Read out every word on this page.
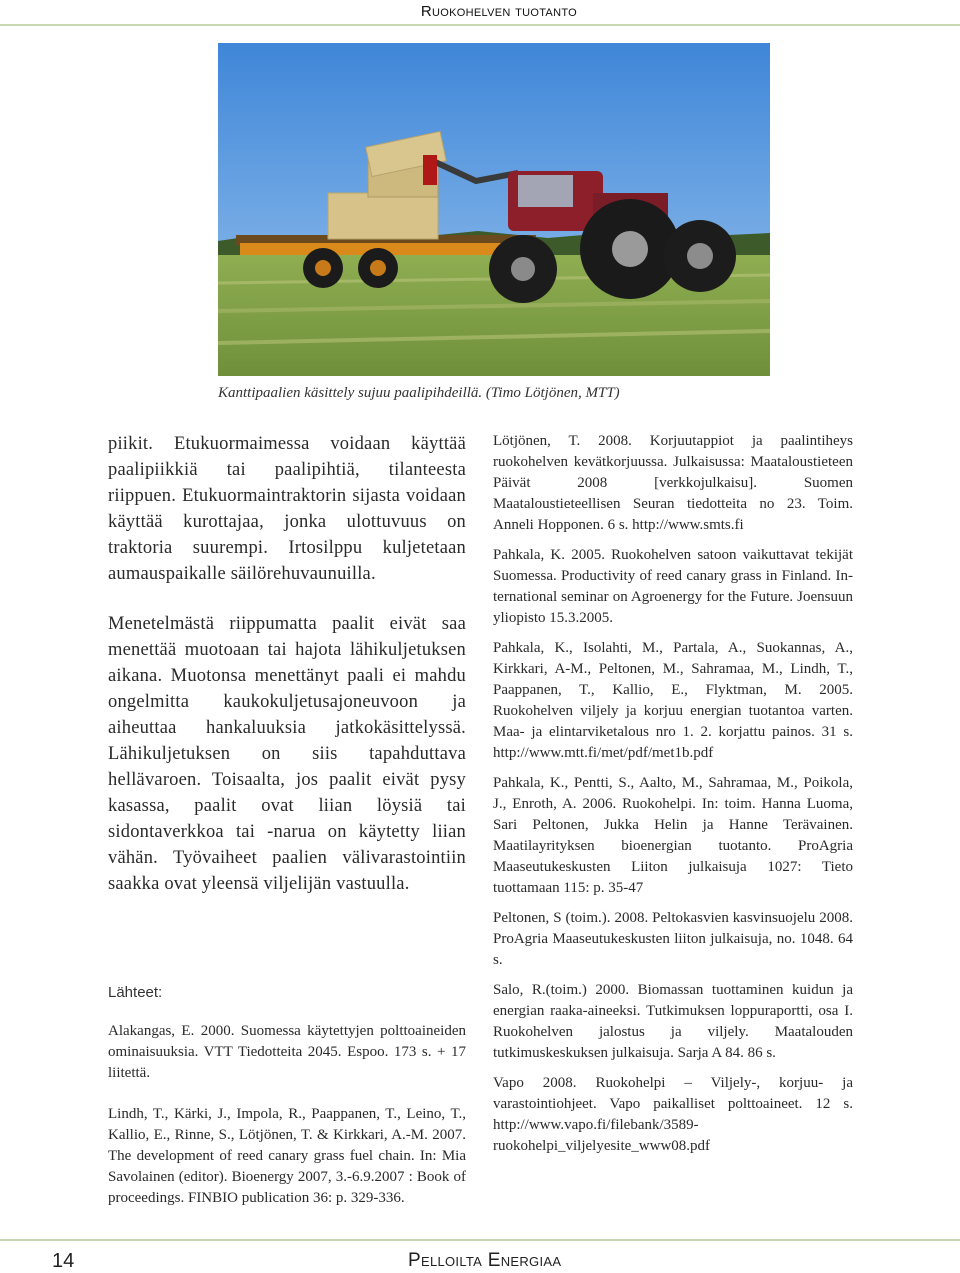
Ruokohelven tuotanto
Kanttipaalien käsittely sujuu paalipihdeillä. (Timo Lötjönen, MTT)

piikit. Etukuormaimessa voidaan käyttää paalipiikkiä tai paalipihtiä, tilanteesta riippuen. Etukuormaintraktorin sijasta voidaan käyttää kurottajaa, jonka ulottuvuus on traktoria suurempi. Irtosilppu kuljetetaan aumauspaikalle säilörehuvaunuilla.

Menetelmästä riippumatta paalit eivät saa menettää muotoaan tai hajota lähikuljetuksen aikana. Muotonsa menettänyt paali ei mahdu ongelmitta kaukokuljetusajoneuvoon ja aiheuttaa hankaluuksia jatkokäsittelyssä. Lähikuljetuksen on siis tapahduttava hellävaroen. Toisaalta, jos paalit eivät pysy kasassa, paalit ovat liian löysiä tai sidontaverkkoa tai -narua on käytetty liian vähän. Työvaiheet paalien välivarastointiin saakka ovat yleensä viljelijän vastuulla.

Lähteet:

Alakangas, E. 2000. Suomessa käytettyjen polttoaineiden ominaisuuksia. VTT Tiedotteita 2045. Espoo. 173 s. + 17 liitettä.

Lindh, T., Kärki, J., Impola, R., Paappanen, T., Leino, T., Kallio, E., Rinne, S., Lötjönen, T. & Kirkkari, A.-M. 2007. The development of reed canary grass fuel chain. In: Mia Savolainen (editor). Bioenergy 2007, 3.-6.9.2007 : Book of proceedings. FINBIO publication 36: p. 329-336.

Lötjönen, T. 2008. Korjuutappiot ja paalintiheys ruokohelven kevätkorjuussa. Julkaisussa: Maataloustieteen Päivät 2008 [verkkojulkaisu]. Suomen Maataloustieteellisen Seuran tiedotteita no 23. Toim. Anneli Hopponen. 6 s. http://www.smts.fi

Pahkala, K. 2005. Ruokohelven satoon vaikuttavat tekijät Suomessa. Productivity of reed canary grass in Finland. In-ternational seminar on Agroenergy for the Future. Joensuun yliopisto 15.3.2005.

Pahkala, K., Isolahti, M., Partala, A., Suokannas, A., Kirkkari, A-M., Peltonen, M., Sahramaa, M., Lindh, T., Paappanen, T., Kallio, E., Flyktman, M. 2005. Ruokohelven viljely ja korjuu energian tuotantoa varten. Maa- ja elintarviketalous nro 1. 2. korjattu painos. 31 s. http://www.mtt.fi/met/pdf/met1b.pdf

Pahkala, K., Pentti, S., Aalto, M., Sahramaa, M., Poikola, J., Enroth, A. 2006. Ruokohelpi. In: toim. Hanna Luoma, Sari Peltonen, Jukka Helin ja Hanne Terävainen. Maatilayrityksen bioenergian tuotanto. ProAgria Maaseutukeskusten Liiton julkaisuja 1027: Tieto tuottamaan 115: p. 35-47

Peltonen, S (toim.). 2008. Peltokasvien kasvinsuojelu 2008. ProAgria Maaseutukeskusten liiton julkaisuja, no. 1048. 64 s.

Salo, R.(toim.) 2000. Biomassan tuottaminen kuidun ja energian raaka-aineeksi. Tutkimuksen loppuraportti, osa I. Ruokohelven jalostus ja viljely. Maatalouden tutkimuskeskuksen julkaisuja. Sarja A 84. 86 s.

Vapo 2008. Ruokohelpi – Viljely-, korjuu- ja varastointiohjeet. Vapo paikalliset polttoaineet. 12 s. http://www.vapo.fi/filebank/3589-ruokohelpi_viljelyesite_www08.pdf

14	Pelloilta Energiaa
